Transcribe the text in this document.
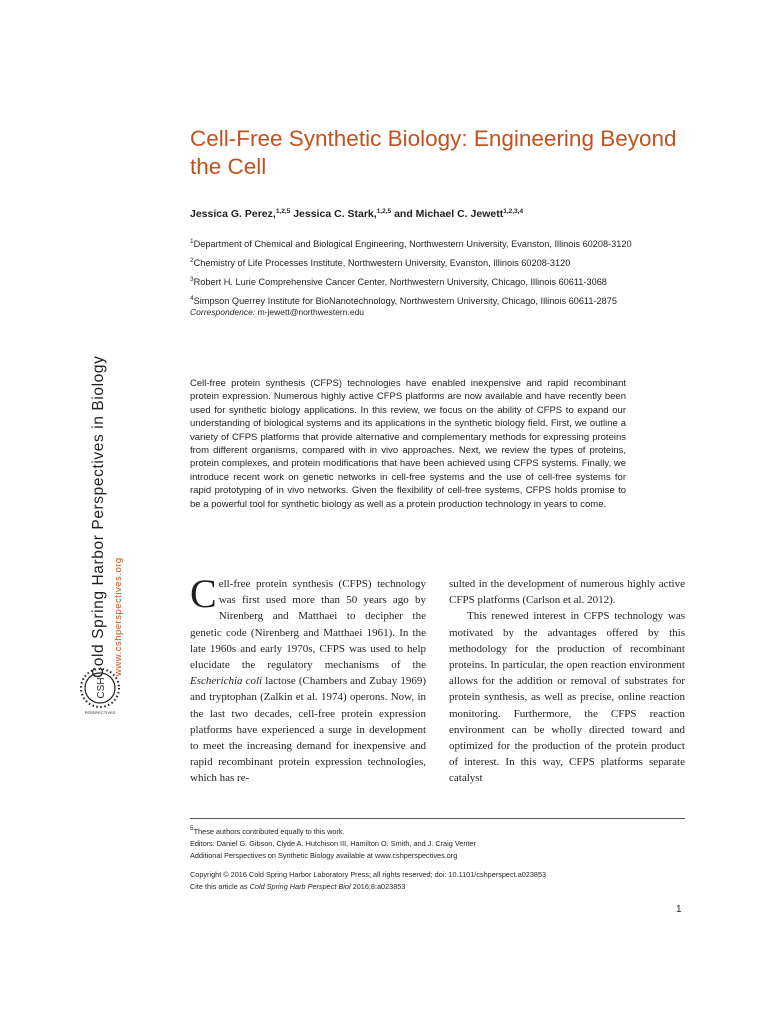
Cold Spring Harbor Perspectives in Biology www.cshperspectives.org
CSH
PERSPECTIVES
Cell-Free Synthetic Biology: Engineering Beyond the Cell
Jessica G. Perez,$^{1,2,5}$ Jessica C. Stark,$^{1,2,5}$ and Michael C. Jewett$^{1,2,3,4}$
$^1$Department of Chemical and Biological Engineering, Northwestern University, Evanston, Illinois 60208-3120
$^2$Chemistry of Life Processes Institute, Northwestern University, Evanston, Illinois 60208-3120
$^3$Robert H. Lurie Comprehensive Cancer Center, Northwestern University, Chicago, Illinois 60611-3068
$^4$Simpson Querrey Institute for BioNanotechnology, Northwestern University, Chicago, Illinois 60611-2875
Correspondence: m-jewett@northwestern.edu

Cell-free protein synthesis (CFPS) technologies have enabled inexpensive and rapid recombinant protein expression. Numerous highly active CFPS platforms are now available and have recently been used for synthetic biology applications. In this review, we focus on the ability of CFPS to expand our understanding of biological systems and its applications in the synthetic biology field. First, we outline a variety of CFPS platforms that provide alternative and complementary methods for expressing proteins from different organisms, compared with in vivo approaches. Next, we review the types of proteins, protein complexes, and protein modifications that have been achieved using CFPS systems. Finally, we introduce recent work on genetic networks in cell-free systems and the use of cell-free systems for rapid prototyping of in vivo networks. Given the flexibility of cell-free systems, CFPS holds promise to be a powerful tool for synthetic biology as well as a protein production technology in years to come.

Cell-free protein synthesis (CFPS) technology was first used more than 50 years ago by Nirenberg and Matthaei to decipher the genetic code (Nirenberg and Matthaei 1961). In the late 1960s and early 1970s, CFPS was used to help elucidate the regulatory mechanisms of the Escherichia coli lactose (Chambers and Zubay 1969) and tryptophan (Zalkin et al. 1974) operons. Now, in the last two decades, cell-free protein expression platforms have experienced a surge in development to meet the increasing demand for inexpensive and rapid recombinant protein expression technologies, which has re-

sulted in the development of numerous highly active CFPS platforms (Carlson et al. 2012).
This renewed interest in CFPS technology was motivated by the advantages offered by this methodology for the production of recombinant proteins. In particular, the open reaction environment allows for the addition or removal of substrates for protein synthesis, as well as precise, online reaction monitoring. Furthermore, the CFPS reaction environment can be wholly directed toward and optimized for the production of the protein product of interest. In this way, CFPS platforms separate catalyst
$^5$These authors contributed equally to this work.
Editors: Daniel G. Gibson, Clyde A. Hutchison III, Hamilton O. Smith, and J. Craig Venter
Additional Perspectives on Synthetic Biology available at www.cshperspectives.org
Copyright © 2016 Cold Spring Harbor Laboratory Press; all rights reserved; doi: 10.1101/cshperspect.a023853
Cite this article as Cold Spring Harb Perspect Biol 2016;8:a023853
1
